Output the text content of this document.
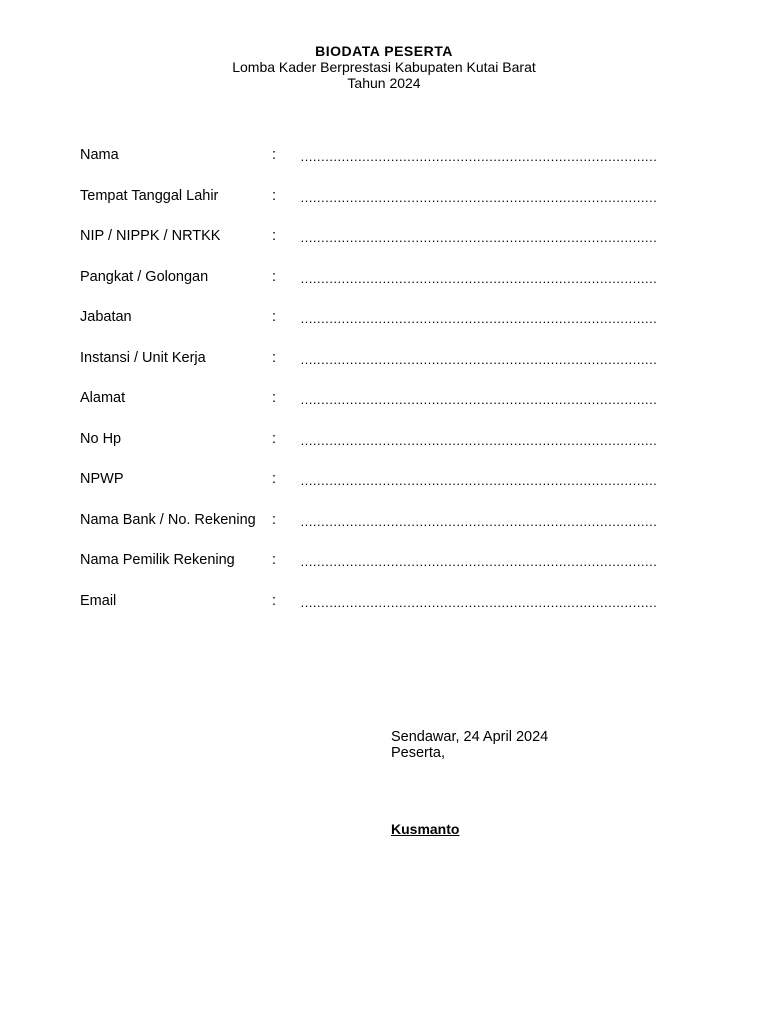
BIODATA PESERTA
Lomba Kader Berprestasi Kabupaten Kutai Barat
Tahun 2024
Nama	: ……………………………………………………………………………
Tempat Tanggal Lahir	: ……………………………………………………………………………
NIP / NIPPK / NRTKK	: ……………………………………………………………………………
Pangkat / Golongan	: ……………………………………………………………………………
Jabatan	: ……………………………………………………………………………
Instansi / Unit Kerja	: ……………………………………………………………………………
Alamat	: ……………………………………………………………………………
No Hp	: ……………………………………………………………………………
NPWP	: ……………………………………………………………………………
Nama Bank / No. Rekening : ……………………………………………………………………………
Nama Pemilik Rekening	: ……………………………………………………………………………
Email	: ……………………………………………………………………………
Sendawar, 24 April 2024
Peserta,
Kusmanto
